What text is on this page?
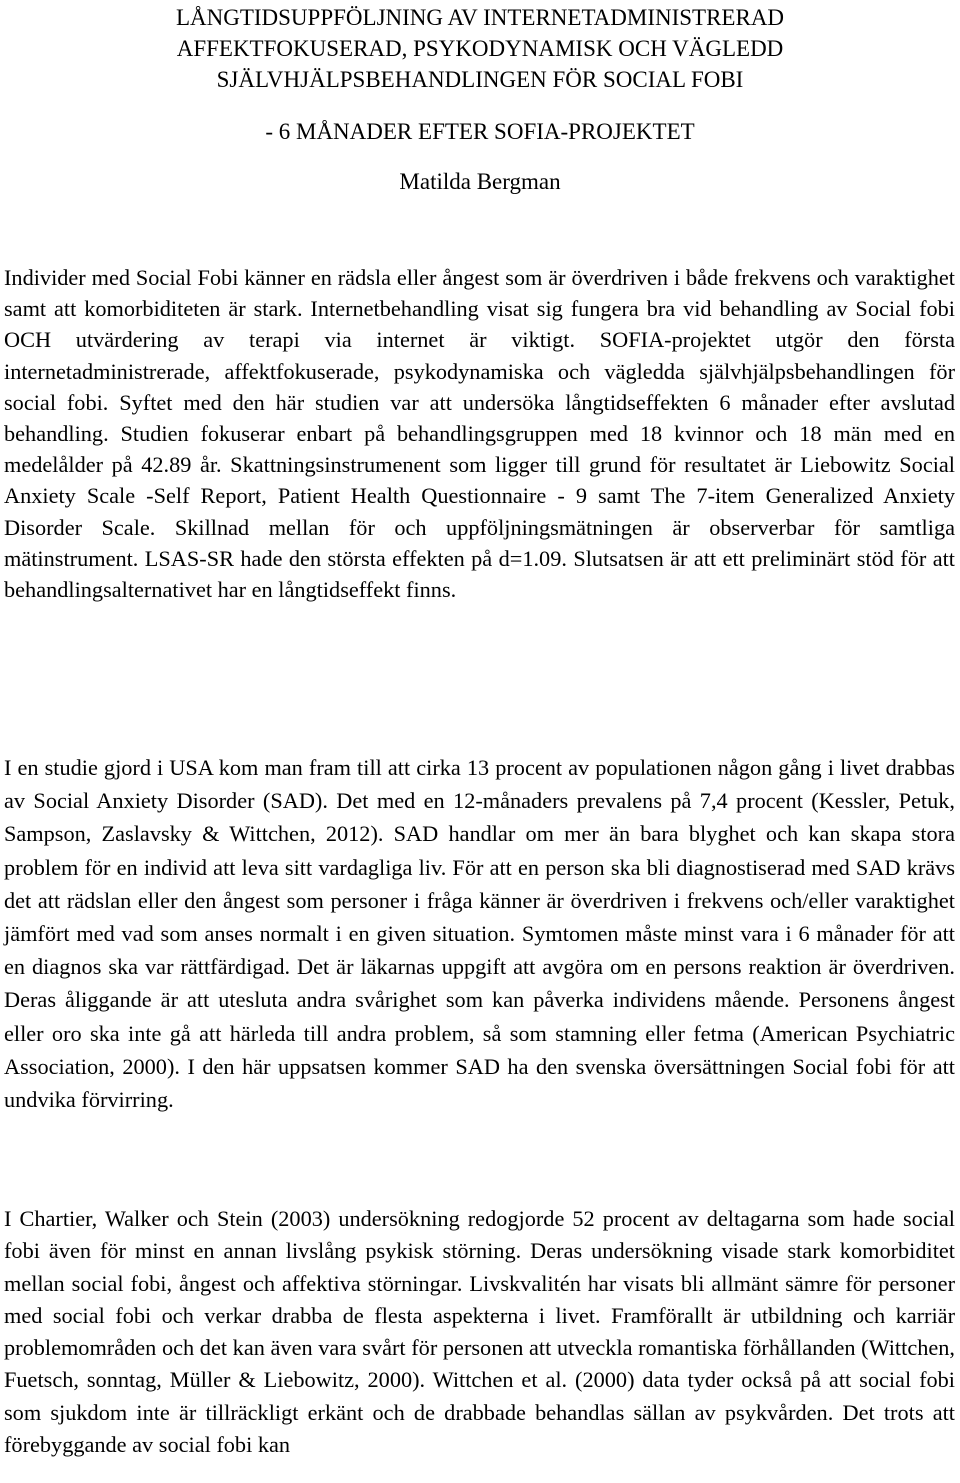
LÅNGTIDSUPPFÖLJNING AV INTERNETADMINISTRERAD
AFFEKTFOKUSERAD, PSYKODYNAMISK OCH VÄGLEDD
SJÄLVHJÄLPSBEHANDLINGEN FÖR SOCIAL FOBI
- 6 MÅNADER EFTER SOFIA-PROJEKTET
Matilda Bergman

Individer med Social Fobi känner en rädsla eller ångest som är överdriven i både frekvens och varaktighet samt att komorbiditeten är stark. Internetbehandling visat sig fungera bra vid behandling av Social fobi OCH utvärdering av terapi via internet är viktigt. SOFIA-projektet utgör den första internetadministrerade, affektfokuserade, psykodynamiska och vägledda självhjälpsbehandlingen för social fobi. Syftet med den här studien var att undersöka långtidseffekten 6 månader efter avslutad behandling. Studien fokuserar enbart på behandlingsgruppen med 18 kvinnor och 18 män med en medelålder på 42.89 år. Skattningsinstrumenent som ligger till grund för resultatet är Liebowitz Social Anxiety Scale -Self Report, Patient Health Questionnaire - 9 samt The 7-item Generalized Anxiety Disorder Scale. Skillnad mellan för och uppföljningsmätningen är observerbar för samtliga mätinstrument. LSAS-SR hade den största effekten på d=1.09. Slutsatsen är att ett preliminärt stöd för att behandlingsalternativet har en långtidseffekt finns.

I en studie gjord i USA kom man fram till att cirka 13 procent av populationen någon gång i livet drabbas av Social Anxiety Disorder (SAD). Det med en 12-månaders prevalens på 7,4 procent (Kessler, Petuk, Sampson, Zaslavsky & Wittchen, 2012). SAD handlar om mer än bara blyghet och kan skapa stora problem för en individ att leva sitt vardagliga liv. För att en person ska bli diagnostiserad med SAD krävs det att rädslan eller den ångest som personer i fråga känner är överdriven i frekvens och/eller varaktighet jämfört med vad som anses normalt i en given situation. Symtomen måste minst vara i 6 månader för att en diagnos ska var rättfärdigad. Det är läkarnas uppgift att avgöra om en persons reaktion är överdriven. Deras åliggande är att utesluta andra svårighet som kan påverka individens mående. Personens ångest eller oro ska inte gå att härleda till andra problem, så som stamning eller fetma (American Psychiatric Association, 2000). I den här uppsatsen kommer SAD ha den svenska översättningen Social fobi för att undvika förvirring.

I Chartier, Walker och Stein (2003) undersökning redogjorde 52 procent av deltagarna som hade social fobi även för minst en annan livslång psykisk störning. Deras undersökning visade stark komorbiditet mellan social fobi, ångest och affektiva störningar. Livskvalitén har visats bli allmänt sämre för personer med social fobi och verkar drabba de flesta aspekterna i livet. Framförallt är utbildning och karriär problemområden och det kan även vara svårt för personen att utveckla romantiska förhållanden (Wittchen, Fuetsch, sonntag, Müller & Liebowitz, 2000). Wittchen et al. (2000) data tyder också på att social fobi som sjukdom inte är tillräckligt erkänt och de drabbade behandlas sällan av psykvården. Det trots att förebyggande av social fobi kan
